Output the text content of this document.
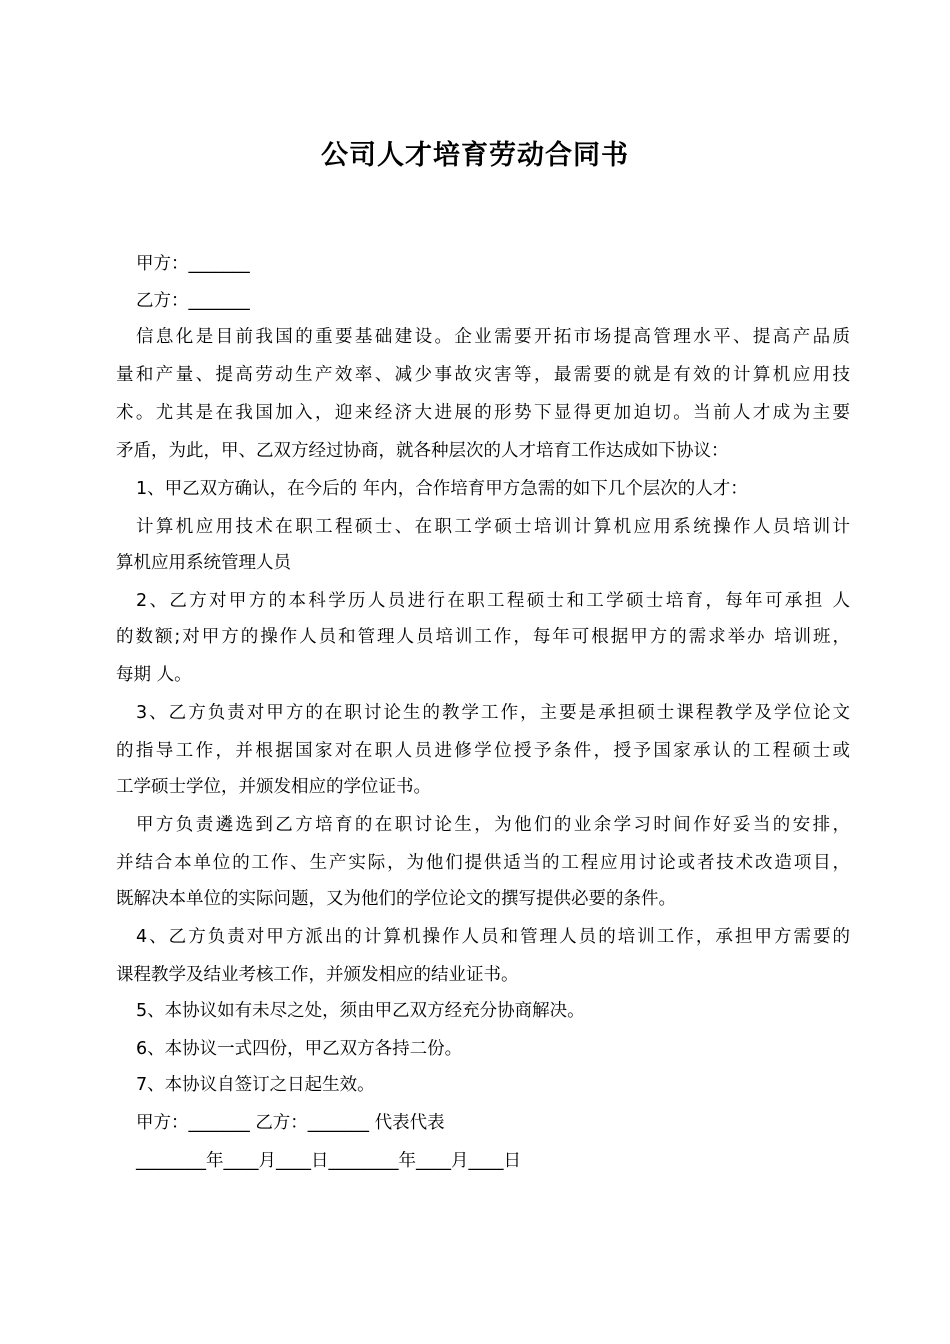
公司人才培育劳动合同书
甲方：_______
乙方：_______
信息化是目前我国的重要基础建设。企业需要开拓市场提高管理水平、提高产品质
量和产量、提高劳动生产效率、减少事故灾害等，最需要的就是有效的计算机应用技
术。尤其是在我国加入，迎来经济大进展的形势下显得更加迫切。当前人才成为主要
矛盾，为此，甲、乙双方经过协商，就各种层次的人才培育工作达成如下协议：
1、甲乙双方确认，在今后的 年内，合作培育甲方急需的如下几个层次的人才：
计算机应用技术在职工程硕士、在职工学硕士培训计算机应用系统操作人员培训计
算机应用系统管理人员
2、乙方对甲方的本科学历人员进行在职工程硕士和工学硕士培育，每年可承担 人
的数额;对甲方的操作人员和管理人员培训工作，每年可根据甲方的需求举办 培训班，
每期 人。
3、乙方负责对甲方的在职讨论生的教学工作，主要是承担硕士课程教学及学位论文
的指导工作，并根据国家对在职人员进修学位授予条件，授予国家承认的工程硕士或
工学硕士学位，并颁发相应的学位证书。
甲方负责遴选到乙方培育的在职讨论生，为他们的业余学习时间作好妥当的安排，
并结合本单位的工作、生产实际，为他们提供适当的工程应用讨论或者技术改造项目，
既解决本单位的实际问题，又为他们的学位论文的撰写提供必要的条件。
4、乙方负责对甲方派出的计算机操作人员和管理人员的培训工作，承担甲方需要的
课程教学及结业考核工作，并颁发相应的结业证书。
5、本协议如有未尽之处，须由甲乙双方经充分协商解决。
6、本协议一式四份，甲乙双方各持二份。
7、本协议自签订之日起生效。
甲方：_______ 乙方：_______ 代表代表
________年____月____日________年____月____日
